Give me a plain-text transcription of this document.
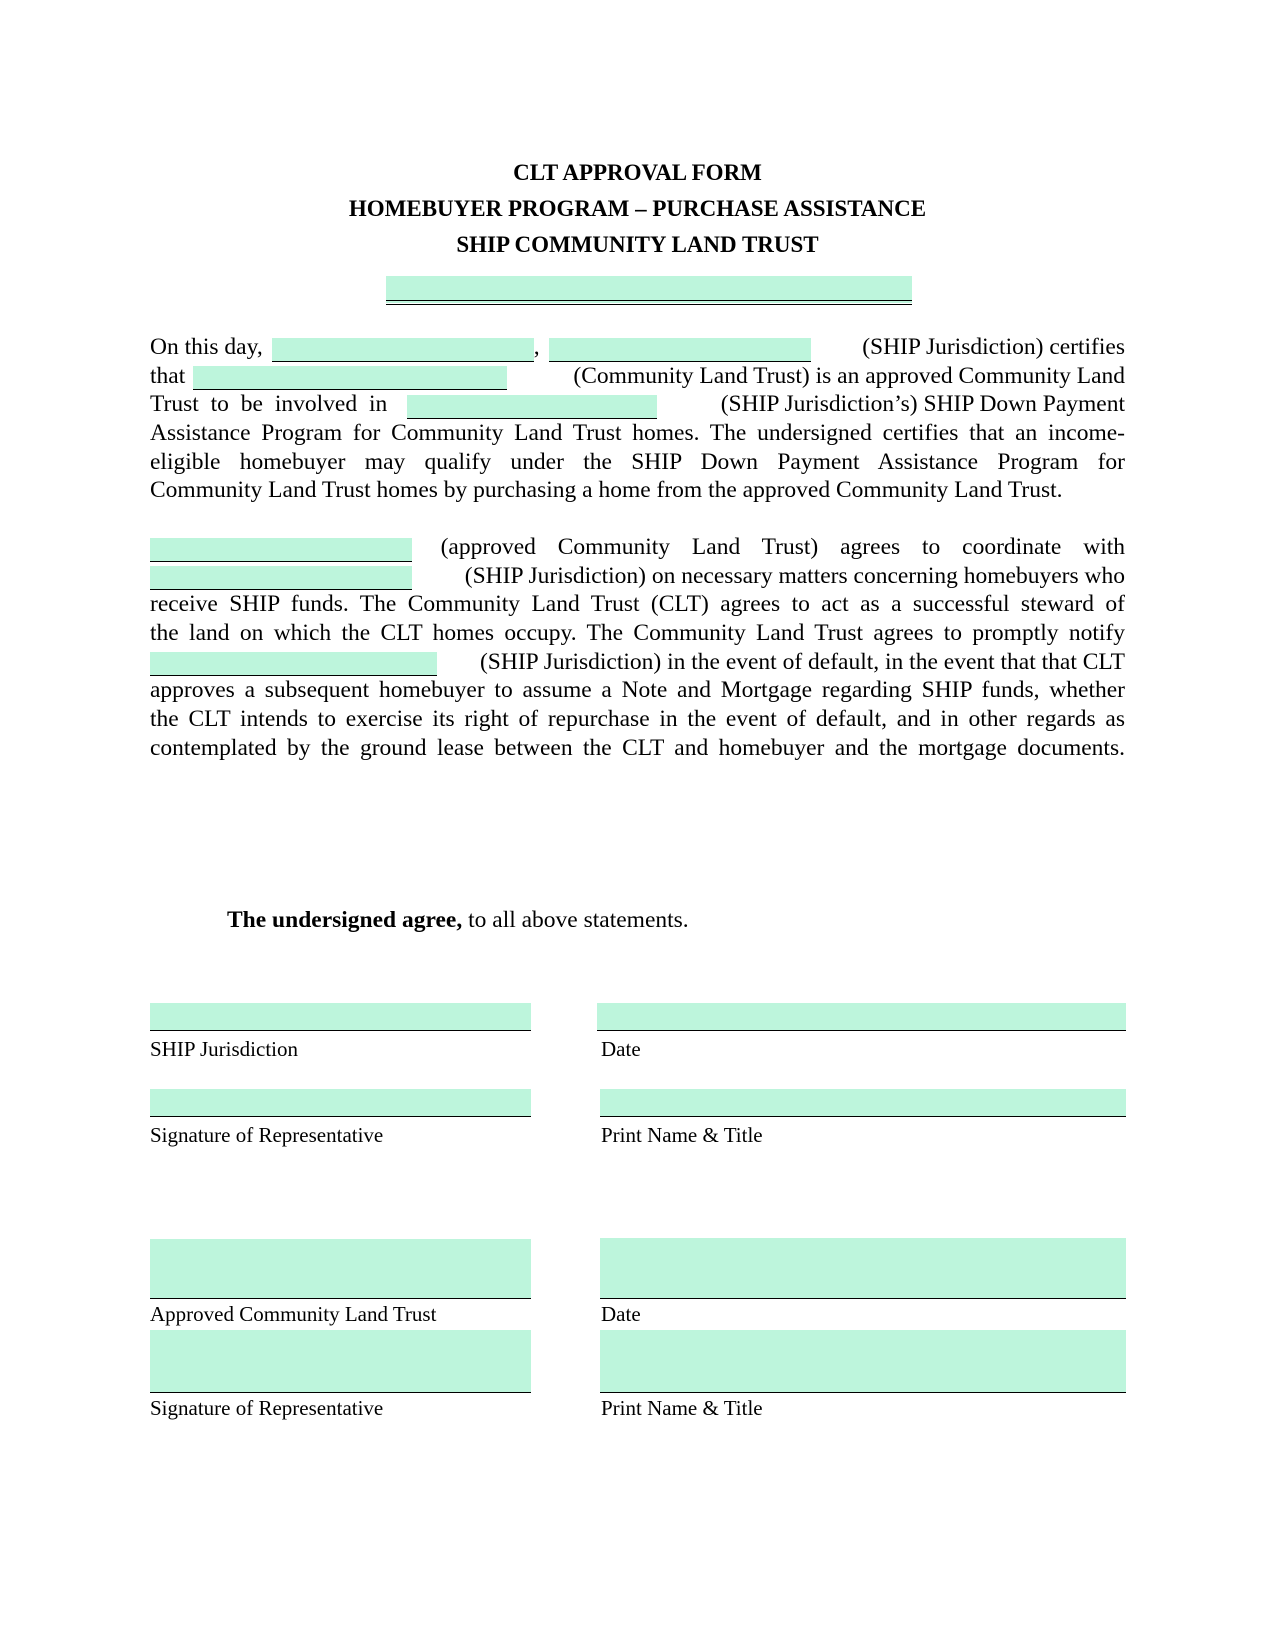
CLT APPROVAL FORM
HOMEBUYER PROGRAM – PURCHASE ASSISTANCE
SHIP COMMUNITY LAND TRUST
On this day,	,	(SHIP Jurisdiction) certifies
that	(Community Land Trust) is an approved Community Land
Trust to be involved in	(SHIP Jurisdiction’s) SHIP Down Payment
Assistance Program for Community Land Trust homes. The undersigned certifies that an income-
eligible homebuyer may qualify under the SHIP Down Payment Assistance Program for
Community Land Trust homes by purchasing a home from the approved Community Land Trust.
(approved Community Land Trust) agrees to coordinate with
(SHIP Jurisdiction) on necessary matters concerning homebuyers who
receive SHIP funds. The Community Land Trust (CLT) agrees to act as a successful steward of
the land on which the CLT homes occupy. The Community Land Trust agrees to promptly notify
(SHIP Jurisdiction) in the event of default, in the event that that CLT
approves a subsequent homebuyer to assume a Note and Mortgage regarding SHIP funds, whether
the CLT intends to exercise its right of repurchase in the event of default, and in other regards as
contemplated by the ground lease between the CLT and homebuyer and the mortgage documents.
The undersigned agree, to all above statements.
SHIP Jurisdiction	Date
Signature of Representative	Print Name & Title
Approved Community Land Trust	Date
Signature of Representative	Print Name & Title
